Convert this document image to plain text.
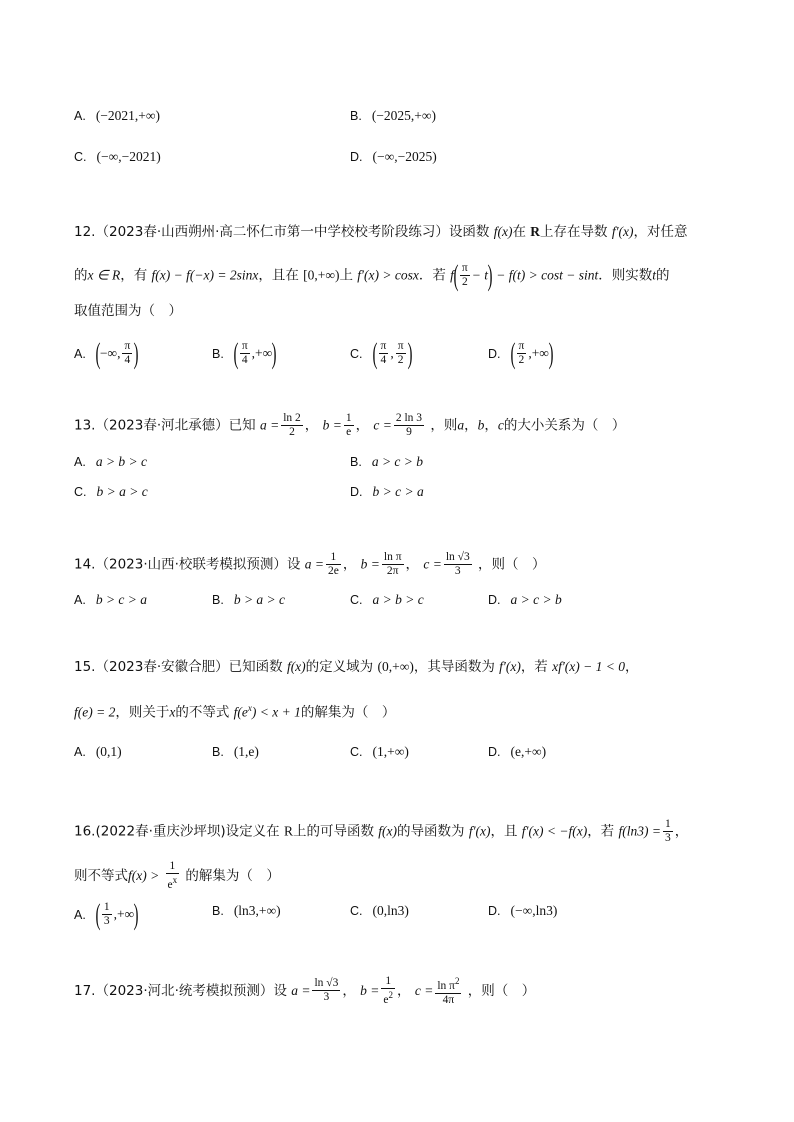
A. (−2021,+∞)	B. (−2025,+∞)
C. (−∞,−2021)	D. (−∞,−2025)
12.（2023春·山西朔州·高二怀仁市第一中学校校考阶段练习）设函数 f(x)在 R上存在导数 f′(x)，对任意
的x ∈ R，有 f(x) − f(−x) = 2sinx，且在 [0,+∞)上 f′(x) > cosx．若 $f( \frac{\pi}{2} - t) - f(t) > \cos t - \sin t$．则实数t的
取值范围为（　）
A. (−∞, $\frac{\pi}{4}$ )	B. ( $\frac{\pi}{4}$ ,+∞)	C. ( $\frac{\pi}{4}$ , $\frac{\pi}{2}$ )	D. ( $\frac{\pi}{2}$ ,+∞)
13.（2023春·河北承德）已知 $a = \frac{\ln 2}{2}$ ， $b = \frac{1}{e}$ ， $c = \frac{2 \ln 3}{9}$ ，则a，b，c的大小关系为（　）
A. a > b > c	B. a > c > b
C. b > a > c	D. b > c > a
14.（2023·山西·校联考模拟预测）设 $a = \frac{1}{2e}$ ， $b = \frac{\text{ln π}}{2\pi}$ ， $c = \frac{\ln √3}{3}$ ，则（　）
A. b > c > a	B. b > a > c	C. a > b > c	D. a > c > b
15.（2023春·安徽合肥）已知函数 f(x)的定义域为 (0,+∞)，其导函数为 f′(x)，若 xf′(x) − 1 < 0，
f(e) = 2，则关于x的不等式 $f(e^x) < x + 1$的解集为（　）
A. (0,1)	B. (1,e)	C. (1,+∞)	D. (e,+∞)
16.(2022春·重庆沙坪坝)设定义在 R上的可导函数 f(x)的导函数为 f′(x)，且 f′(x) < −f(x)，若 $f(\ln 3) = \frac{1}{3}$ ，
则不等式$f(x) > \frac{1}{e^x}$ 的解集为（　）
A. ( $\frac{1}{3}$ ,+∞)	B. (ln3,+∞)	C. (0,ln3)	D. (−∞,ln3)
17.（2023·河北·统考模拟预测）设 $a = \frac{\ln √3}{3}$ ， $b = \frac{1}{e^2}$ ， $c = \frac{\ln \pi^2}{4\pi}$ ，则（　）
